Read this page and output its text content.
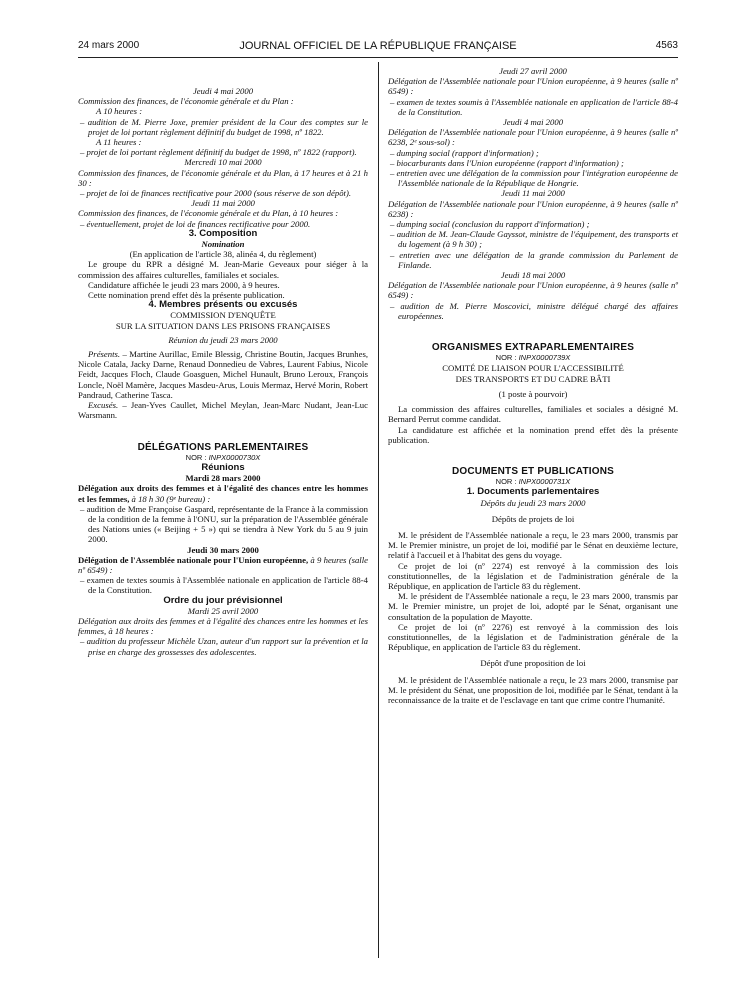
24 mars 2000	JOURNAL OFFICIEL DE LA RÉPUBLIQUE FRANÇAISE	4563

Jeudi 4 mai 2000

Commission des finances, de l'économie générale et du Plan :

A 10 heures :

– audition de M. Pierre Joxe, premier président de la Cour des comptes sur le projet de loi portant règlement définitif du budget de 1998, nº 1822.

A 11 heures :

– projet de loi portant règlement définitif du budget de 1998, nº 1822 (rapport).

Mercredi 10 mai 2000

Commission des finances, de l'économie générale et du Plan, à 17 heures et à 21 h 30 :

– projet de loi de finances rectificative pour 2000 (sous réserve de son dépôt).

Jeudi 11 mai 2000

Commission des finances, de l'économie générale et du Plan, à 10 heures :

– éventuellement, projet de loi de finances rectificative pour 2000.

3. Composition

Nomination

(En application de l'article 38, alinéa 4, du règlement)

Le groupe du RPR a désigné M. Jean-Marie Geveaux pour siéger à la commission des affaires culturelles, familiales et sociales.

Candidature affichée le jeudi 23 mars 2000, à 9 heures.

Cette nomination prend effet dès la présente publication.

4. Membres présents ou excusés

COMMISSION D'ENQUÊTE

SUR LA SITUATION DANS LES PRISONS FRANÇAISES

Réunion du jeudi 23 mars 2000

Présents. – Martine Aurillac, Emile Blessig, Christine Boutin, Jacques Brunhes, Nicole Catala, Jacky Darne, Renaud Donnedieu de Vabres, Laurent Fabius, Nicole Feidt, Jacques Floch, Claude Goasguen, Michel Hunault, Bruno Leroux, François Loncle, Noël Mamère, Jacques Masdeu-Arus, Louis Mermaz, Hervé Morin, Robert Pandraud, Catherine Tasca.

Excusés. – Jean-Yves Caullet, Michel Meylan, Jean-Marc Nudant, Jean-Luc Warsmann.

DÉLÉGATIONS PARLEMENTAIRES

NOR : INPX0000730X

Réunions

Mardi 28 mars 2000

Délégation aux droits des femmes et à l'égalité des chances entre les hommes et les femmes, à 18 h 30 (9ᵉ bureau) :

– audition de Mme Françoise Gaspard, représentante de la France à la commission de la condition de la femme à l'ONU, sur la préparation de l'Assemblée générale des Nations unies (« Beijing + 5 ») qui se tiendra à New York du 5 au 9 juin 2000.

Jeudi 30 mars 2000

Délégation de l'Assemblée nationale pour l'Union européenne, à 9 heures (salle nº 6549) :

– examen de textes soumis à l'Assemblée nationale en application de l'article 88-4 de la Constitution.

Ordre du jour prévisionnel

Mardi 25 avril 2000

Délégation aux droits des femmes et à l'égalité des chances entre les hommes et les femmes, à 18 heures :

– audition du professeur Michèle Uzan, auteur d'un rapport sur la prévention et la prise en charge des grossesses des adolescentes.

Jeudi 27 avril 2000

Délégation de l'Assemblée nationale pour l'Union européenne, à 9 heures (salle nº 6549) :

– examen de textes soumis à l'Assemblée nationale en application de l'article 88-4 de la Constitution.

Jeudi 4 mai 2000

Délégation de l'Assemblée nationale pour l'Union européenne, à 9 heures (salle nº 6238, 2ᵉ sous-sol) :

– dumping social (rapport d'information) ;

– biocarburants dans l'Union européenne (rapport d'information) ;

– entretien avec une délégation de la commission pour l'intégration européenne de l'Assemblée nationale de la République de Hongrie.

Jeudi 11 mai 2000

Délégation de l'Assemblée nationale pour l'Union européenne, à 9 heures (salle nº 6238) :

– dumping social (conclusion du rapport d'information) ;

– audition de M. Jean-Claude Gayssot, ministre de l'équipement, des transports et du logement (à 9 h 30) ;

– entretien avec une délégation de la grande commission du Parlement de Finlande.

Jeudi 18 mai 2000

Délégation de l'Assemblée nationale pour l'Union européenne, à 9 heures (salle nº 6549) :

– audition de M. Pierre Moscovici, ministre délégué chargé des affaires européennes.

ORGANISMES EXTRAPARLEMENTAIRES

NOR : INPX0000739X

COMITÉ DE LIAISON POUR L'ACCESSIBILITÉ

DES TRANSPORTS ET DU CADRE BÂTI

(1 poste à pourvoir)

La commission des affaires culturelles, familiales et sociales a désigné M. Bernard Perrut comme candidat.

La candidature est affichée et la nomination prend effet dès la présente publication.

DOCUMENTS ET PUBLICATIONS

NOR : INPX0000731X

1. Documents parlementaires

Dépôts du jeudi 23 mars 2000

Dépôts de projets de loi

M. le président de l'Assemblée nationale a reçu, le 23 mars 2000, transmis par M. le Premier ministre, un projet de loi, modifié par le Sénat en deuxième lecture, relatif à l'accueil et à l'habitat des gens du voyage.

Ce projet de loi (nº 2274) est renvoyé à la commission des lois constitutionnelles, de la législation et de l'administration générale de la République, en application de l'article 83 du règlement.

M. le président de l'Assemblée nationale a reçu, le 23 mars 2000, transmis par M. le Premier ministre, un projet de loi, adopté par le Sénat, organisant une consultation de la population de Mayotte.

Ce projet de loi (nº 2276) est renvoyé à la commission des lois constitutionnelles, de la législation et de l'administration générale de la République, en application de l'article 83 du règlement.

Dépôt d'une proposition de loi

M. le président de l'Assemblée nationale a reçu, le 23 mars 2000, transmise par M. le président du Sénat, une proposition de loi, modifiée par le Sénat, tendant à la reconnaissance de la traite et de l'esclavage en tant que crime contre l'humanité.
